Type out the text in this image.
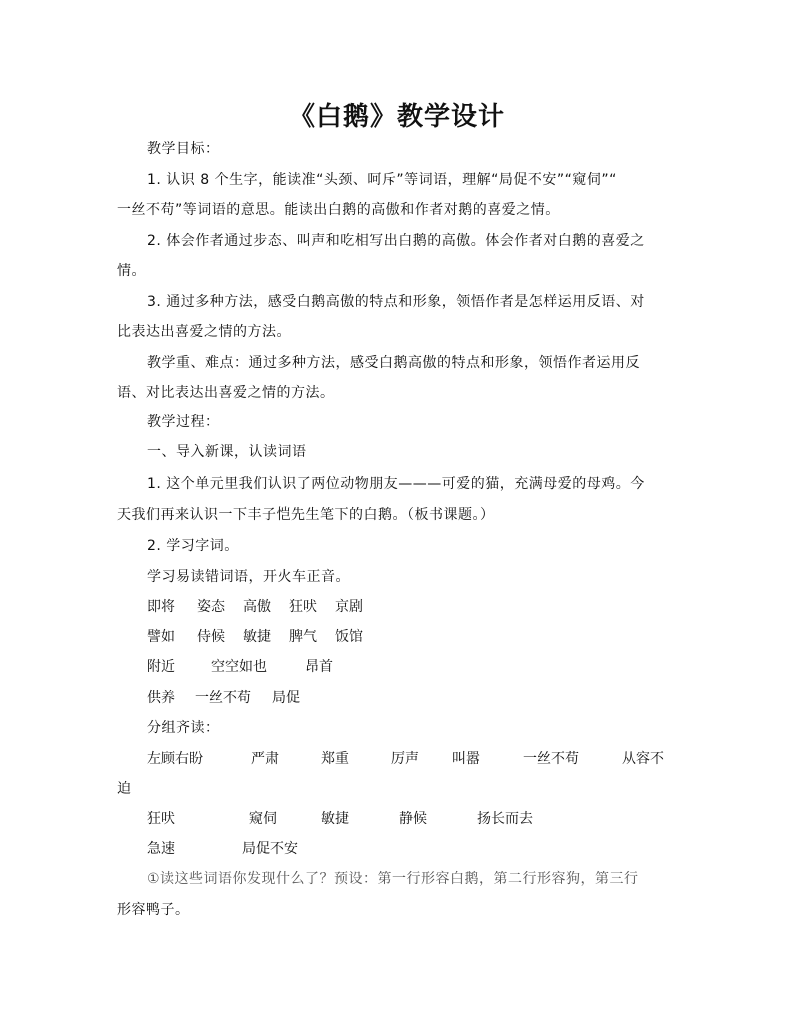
《白鹅》教学设计
教学目标：
1. 认识 8 个生字，能读准“头颈、呵斥”等词语，理解“局促不安”“窥伺”“
一丝不苟”等词语的意思。能读出白鹅的高傲和作者对鹅的喜爱之情。
2. 体会作者通过步态、叫声和吃相写出白鹅的高傲。体会作者对白鹅的喜爱之
情。
3. 通过多种方法，感受白鹅高傲的特点和形象，领悟作者是怎样运用反语、对
比表达出喜爱之情的方法。
教学重、难点：通过多种方法，感受白鹅高傲的特点和形象，领悟作者运用反
语、对比表达出喜爱之情的方法。
教学过程：
一、导入新课，认读词语
1. 这个单元里我们认识了两位动物朋友———可爱的猫，充满母爱的母鸡。今
天我们再来认识一下丰子恺先生笔下的白鹅。（板书课题。）
2. 学习字词。
学习易读错词语，开火车正音。
即将 姿态 高傲 狂吠 京剧
譬如 侍候 敏捷 脾气 饭馆
附近	空空如也	昂首
供养 一丝不苟 局促
分组齐读：
左顾右盼	严肃	郑重	厉声 叫嚣	一丝不苟	从容不
迫
狂吠	窥伺	敏捷	静候	扬长而去
急速	局促不安
①读这些词语你发现什么了？预设：第一行形容白鹅，第二行形容狗，第三行
形容鸭子。
